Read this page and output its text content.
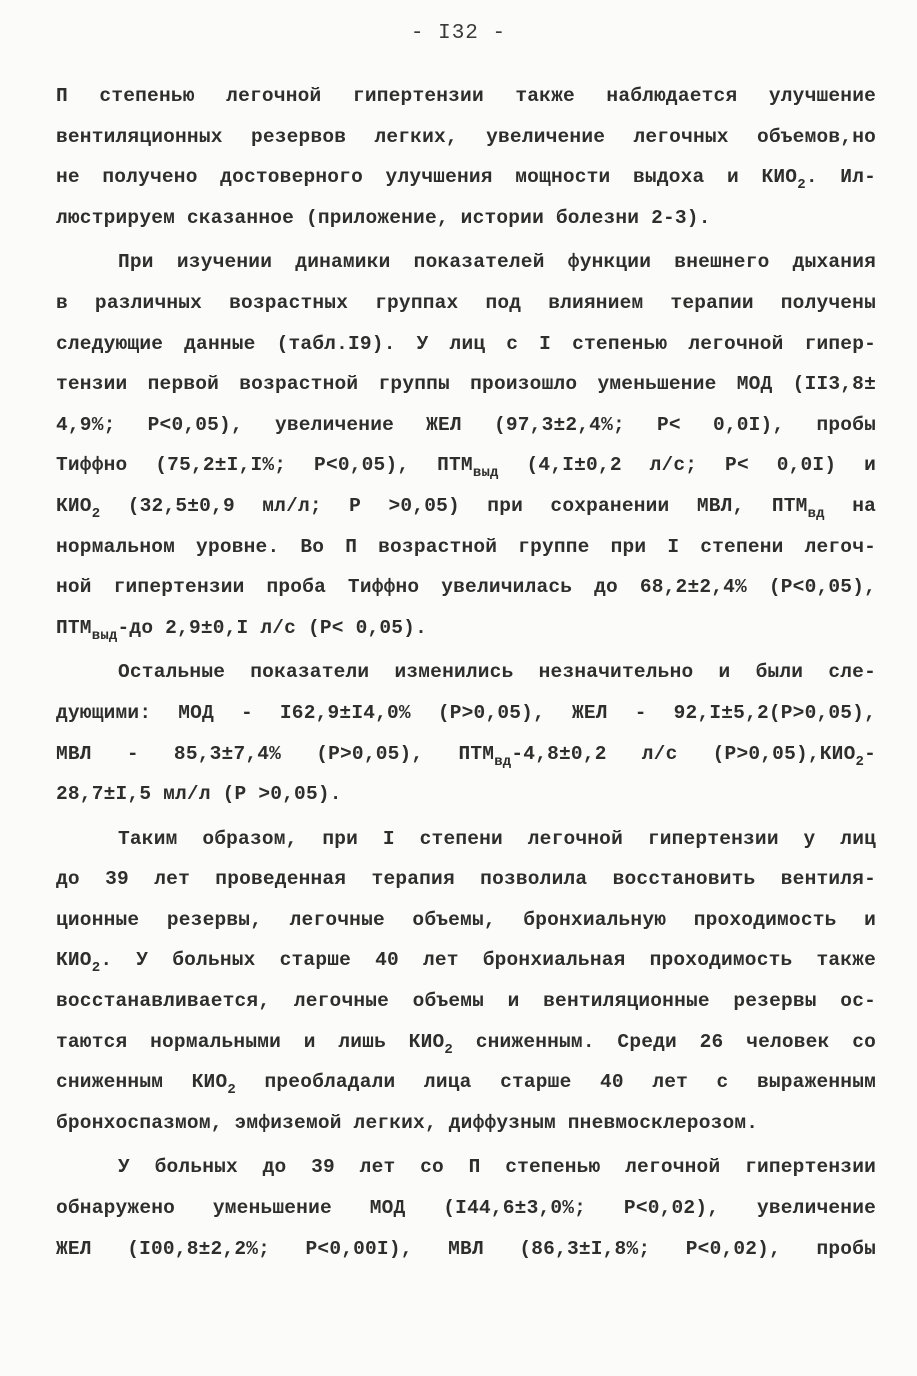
- I32 -
П степенью легочной гипертензии также наблюдается улучшение
вентиляционных резервов легких, увеличение легочных объемов,но
не получено достоверного улучшения мощности выдоха и $КИО_2$. Ил-
люстрируем сказанное (приложение, истории болезни 2-3).
При изучении динамики показателей функции внешнего дыхания
в различных возрастных группах под влиянием терапии получены
следующие данные (табл.I9). У лиц с I степенью легочной гипер-
тензии первой возрастной группы произошло уменьшение МОД (II3,8±
4,9%; P<0,05), увеличение ЖЕЛ (97,3±2,4%; P< 0,0I), пробы
Тиффно (75,2±I,I%; P<0,05), $ПТМ_{выд}$ (4,I±0,2 л/с; P< 0,0I) и
$КИО_2$ (32,5±0,9 мл/л; P >0,05) при сохранении МВЛ, $ПТМ_{вд}$ на
нормальном уровне. Во П возрастной группе при I степени легоч-
ной гипертензии проба Тиффно увеличилась до 68,2±2,4% (P<0,05),
$ПТМ_{выд}-до$ 2,9±0,I л/с (P< 0,05).
Остальные показатели изменились незначительно и были сле-
дующими: МОД - I62,9±I4,0% (P>0,05), ЖЕЛ - 92,I±5,2(P>0,05),
МВЛ - 85,3±7,4% (P>0,05), $ПТМ_{вд}-4,8\pm 0,2$ л/с $(P>0,05),КИО_2-$
28,7±I,5 мл/л (P >0,05).
Таким образом, при I степени легочной гипертензии у лиц
до 39 лет проведенная терапия позволила восстановить вентиля-
ционные резервы, легочные объемы, бронхиальную проходимость и
$КИО_2$. У больных старше 40 лет бронхиальная проходимость также
восстанавливается, легочные объемы и вентиляционные резервы ос-
таются нормальными и лишь $КИО_2$ сниженным. Среди 26 человек со
сниженным $КИО_2$ преобладали лица старше 40 лет с выраженным
бронхоспазмом, эмфиземой легких, диффузным пневмосклерозом.
У больных до 39 лет со П степенью легочной гипертензии
обнаружено уменьшение МОД (I44,6±3,0%; P<0,02), увеличение
ЖЕЛ (I00,8±2,2%; P<0,00I), МВЛ (86,3±I,8%; P<0,02), пробы
